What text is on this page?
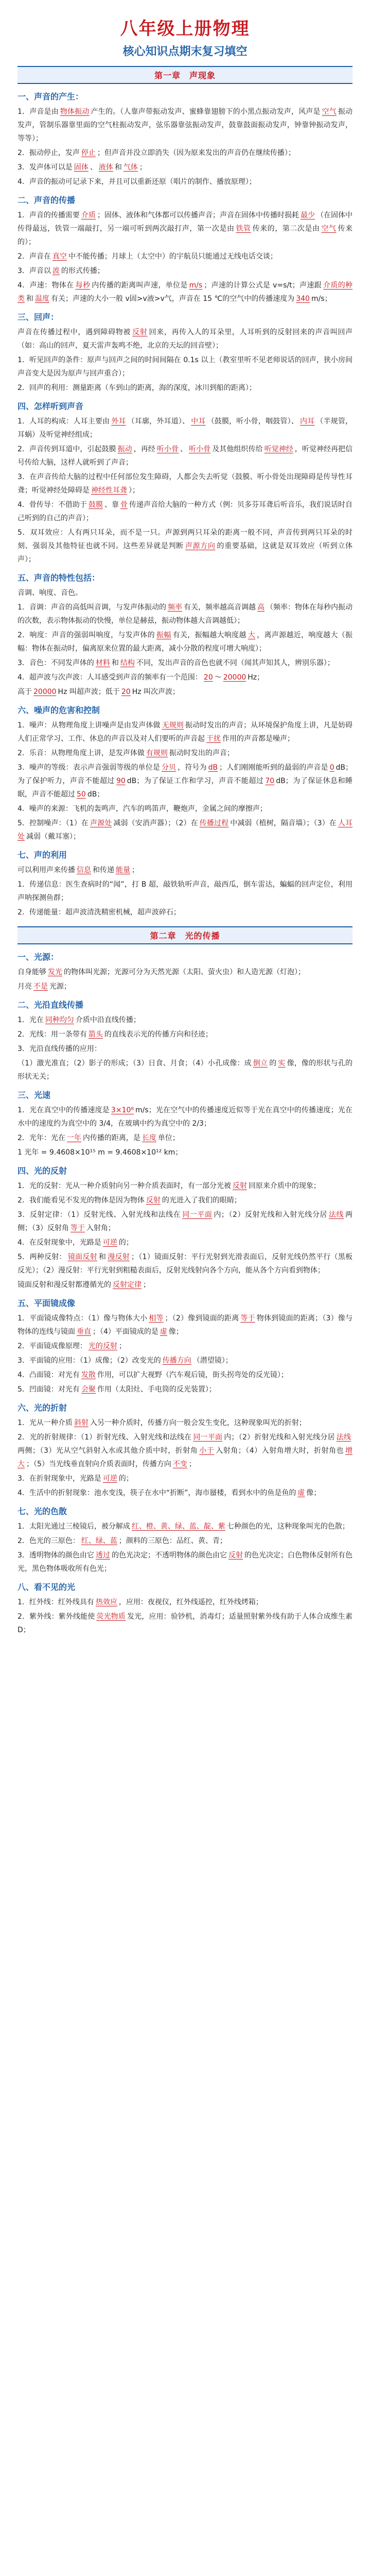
八年级上册物理
核心知识点期末复习填空
第一章　声现象
一、声音的产生：

1．声音是由 物体振动 产生的。（人靠声带振动发声、蜜蜂靠翅膀下的小黑点振动发声，风声是 空气 振动发声，管制乐器靠里面的空气柱振动发声，弦乐器靠弦振动发声，鼓靠鼓面振动发声，钟靠钟振动发声，等等）；

2．振动停止，发声 停止 ；但声音并没立即消失（因为原来发出的声音仍在继续传播）；

3．发声体可以是 固体 、 液体 和 气体 ；

4．声音的振动可记录下来，并且可以重新还原（唱片的制作、播放原理）；

二、声音的传播

1．声音的传播需要 介质 ；固体、液体和气体都可以传播声音；声音在固体中传播时损耗 最少 （在固体中传得最远，铁管一端敲打，另一端可听到两次敲打声，第一次是由 铁管 传来的，第二次是由 空气 传来的）；

2．声音在 真空 中不能传播；月球上（太空中）的宇航员只能通过无线电话交谈；

3．声音以 波 的形式传播；

4．声速：物体在 每秒 内传播的距离叫声速，单位是 m/s ；声速的计算公式是 v=s/t；声速跟 介质的种类 和 温度 有关；声速的大小一般 v固>v液>v气，声音在 15 ℃的空气中的传播速度为 340 m/s；

三、回声：

声音在传播过程中，遇到障碍物被 反射 回来，再传入人的耳朵里，人耳听到的反射回来的声音叫回声（如：高山的回声，夏天雷声轰鸣不绝，北京的天坛的回音壁）；

1．听见回声的条件：原声与回声之间的时间间隔在 0.1s 以上（教室里听不见老师说话的回声，狭小房间声音变大是因为原声与回声重合）；

2．回声的利用：测量距离（车到山的距离，海的深度，冰川到船的距离）；

四、怎样听到声音

1．人耳的构成：人耳主要由 外耳 （耳廓，外耳道）、 中耳 （鼓膜，听小骨，咽鼓管）、 内耳 （半规管，耳蜗）及听觉神经组成；

2．声音传到耳道中，引起鼓膜 振动 ，再经 听小骨 、 听小骨 及其他组织传给 听觉神经 ，听觉神经再把信号传给大脑，这样人就听到了声音；

3．在声音传给大脑的过程中任何部位发生障碍，人都会失去听觉（鼓膜、听小骨处出现障碍是传导性耳聋；听觉神经处障碍是 神经性耳聋 ）；

4．骨传导：不借助于 鼓膜 、靠 骨 传递声音给大脑的一种方式（例：贝多芬耳聋后听音乐，我们说话时自己听到的自己的声音）；

5．双耳效应：人有两只耳朵，而不是一只。声源到两只耳朵的距离一般不同，声音传到两只耳朵的时刻、强弱及其他特征也就不同。这些差异就是判断 声源方向 的重要基础，这就是双耳效应（听到立体声）；

五、声音的特性包括：

音调、响度、音色。

1．音调：声音的高低叫音调，与发声体振动的 频率 有关，频率越高音调越 高 （频率：物体在每秒内振动的次数，表示物体振动的快慢，单位是赫兹，振动物体越大音调越低）；

2．响度：声音的强弱叫响度，与发声体的 振幅 有关，振幅越大响度越 大 ，离声源越近，响度越大（振幅：物体在振动时，偏离原来位置的最大距离，减小分散的程度可增大响度）；

3．音色：不同发声体的 材料 和 结构 不同，发出声音的音色也就不同（闻其声知其人，辨别乐器）；

4．超声波与次声波：人耳感受到声音的频率有一个范围： 20 ～ 20000 Hz；

高于 20000 Hz 叫超声波；低于 20 Hz 叫次声波；

六、噪声的危害和控制

1．噪声：从物理角度上讲噪声是由发声体做 无规则 振动时发出的声音；从环境保护角度上讲，凡是妨碍人们正常学习、工作、休息的声音以及对人们要听的声音起 干扰 作用的声音都是噪声；

2．乐音：从物理角度上讲，是发声体做 有规则 振动时发出的声音；

3．噪声的等级：表示声音强弱等级的单位是 分贝 ，符号为 dB ；人们刚刚能听到的最弱的声音是 0 dB；为了保护听力，声音不能超过 90 dB；为了保证工作和学习，声音不能超过 70 dB；为了保证休息和睡眠，声音不能超过 50 dB；

4．噪声的来源：飞机的轰鸣声，汽车的鸣笛声，鞭炮声，金属之间的摩擦声；

5．控制噪声：（1）在 声源处 减弱（安消声器）；（2）在 传播过程 中减弱（植树，隔音墙）；（3）在 人耳处 减弱（戴耳塞）；

七、声的利用

可以利用声来传播 信息 和传递 能量 ；

1．传递信息：医生查病时的“闻”，打 B 超，敲铁轨听声音，敲西瓜，倒车雷达，蝙蝠的回声定位，利用声呐探测鱼群；

2．传递能量：超声波清洗精密机械，超声波碎石；

第二章　光的传播
一、光源：

自身能够 发光 的物体叫光源；光源可分为天然光源（太阳、萤火虫）和人造光源（灯泡）；

月亮 不是 光源；

二、光沿直线传播

1．光在 同种均匀 介质中沿直线传播；

2．光线：用一条带有 箭头 的直线表示光的传播方向和径迹；

3．光沿直线传播的应用：

（1）激光准直；（2）影子的形成；（3）日食、月食；（4）小孔成像：成 倒立 的 实 像，像的形状与孔的形状无关；

三、光速

1．光在真空中的传播速度是 3×10⁸ m/s；光在空气中的传播速度近似等于光在真空中的传播速度；光在水中的速度约为真空中的 3/4，在玻璃中约为真空中的 2/3；

2．光年：光在 一年 内传播的距离，是 长度 单位；

1 光年 = 9.4608×10¹⁵ m = 9.4608×10¹² km；

四、光的反射

1．光的反射：光从一种介质射向另一种介质表面时，有一部分光被 反射 回原来介质中的现象；

2．我们能看见不发光的物体是因为物体 反射 的光进入了我们的眼睛；

3．反射定律：（1）反射光线、入射光线和法线在 同一平面 内；（2）反射光线和入射光线分居 法线 两侧；（3）反射角 等于 入射角；

4．在反射现象中，光路是 可逆 的；

5．两种反射： 镜面反射 和 漫反射 ；（1）镜面反射：平行光射到光滑表面后，反射光线仍然平行（黑板反光）；（2）漫反射：平行光射到粗糙表面后，反射光线射向各个方向，能从各个方向看到物体；

镜面反射和漫反射都遵循光的 反射定律 ；

五、平面镜成像

1．平面镜成像特点：（1）像与物体大小 相等 ；（2）像到镜面的距离 等于 物体到镜面的距离；（3）像与物体的连线与镜面 垂直 ；（4）平面镜成的是 虚 像；

2．平面镜成像原理： 光的反射 ；

3．平面镜的应用：（1）成像；（2）改变光的 传播方向 （潜望镜）；

4．凸面镜：对光有 发散 作用，可以扩大视野（汽车观后镜，街头拐弯处的反光镜）；

5．凹面镜：对光有 会聚 作用（太阳灶、手电筒的反光装置）；

六、光的折射

1．光从一种介质 斜射 入另一种介质时，传播方向一般会发生变化，这种现象叫光的折射；

2．光的折射规律：（1）折射光线、入射光线和法线在 同一平面 内；（2）折射光线和入射光线分居 法线两侧；（3）光从空气斜射入水或其他介质中时，折射角 小于 入射角；（4）入射角增大时，折射角也 增大 ；（5）当光线垂直射向介质表面时，传播方向 不变 ；

3．在折射现象中，光路是 可逆 的；

4．生活中的折射现象：池水变浅，筷子在水中“折断”，海市蜃楼，看到水中的鱼是鱼的 虚 像；

七、光的色散

1．太阳光通过三棱镜后，被分解成 红、橙、黄、绿、蓝、靛、紫 七种颜色的光，这种现象叫光的色散；

2．色光的三原色： 红、绿、蓝 ；颜料的三原色：品红、黄、青；

3．透明物体的颜色由它 透过 的色光决定；不透明物体的颜色由它 反射 的色光决定；白色物体反射所有色光，黑色物体吸收所有色光；

八、看不见的光

1．红外线：红外线具有 热效应 ，应用：夜视仪，红外线遥控，红外线烤箱；

2．紫外线：紫外线能使 荧光物质 发光，应用：验钞机，消毒灯；适量照射紫外线有助于人体合成维生素 D；
